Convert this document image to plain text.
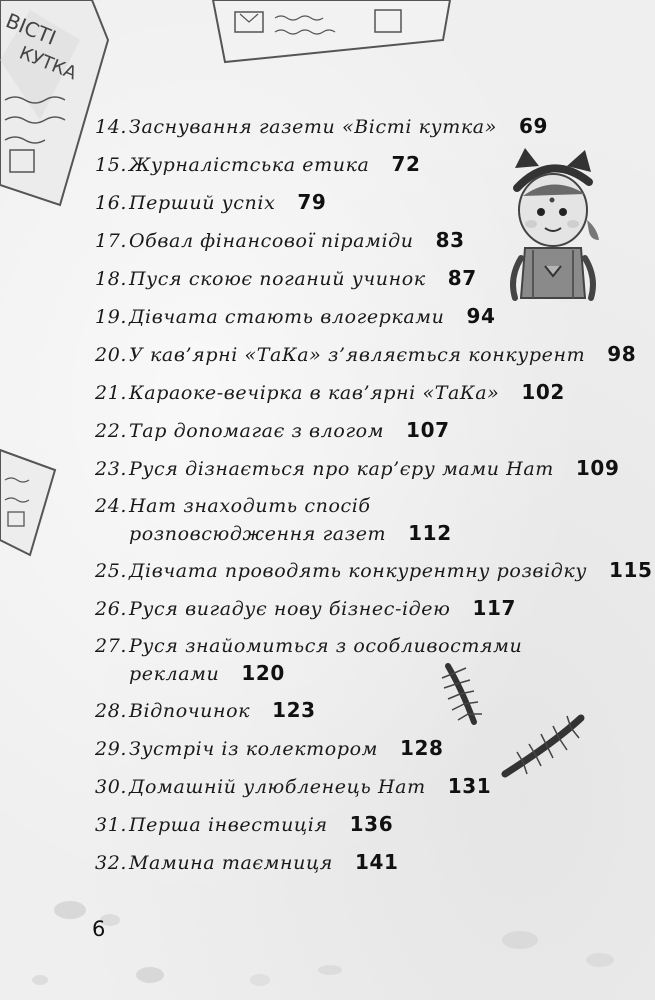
ВІСТІ
КУТКА
14. Заснування газети «Вісті кутка» 69
15. Журналістська етика 72
16. Перший успіх 79
17. Обвал фінансової піраміди 83
18. Пуся скоює поганий учинок 87
19. Дівчата стають влогерками 94
20. У кав’ярні «ТаКа» з’являється конкурент 98
21. Караоке-вечірка в кав’ярні «ТаКа» 102
22. Тар допомагає з влогом 107
23. Руся дізнається про кар’єру мами Нат 109
24. Нат знаходить спосіб
розповсюдження газет 112
25. Дівчата проводять конкурентну розвідку 115
26. Руся вигадує нову бізнес-ідею 117
27. Руся знайомиться з особливостями
реклами 120
28. Відпочинок 123
29. Зустріч із колектором 128
30. Домашній улюбленець Нат 131
31. Перша інвестиція 136
32. Мамина таємниця 141
6
